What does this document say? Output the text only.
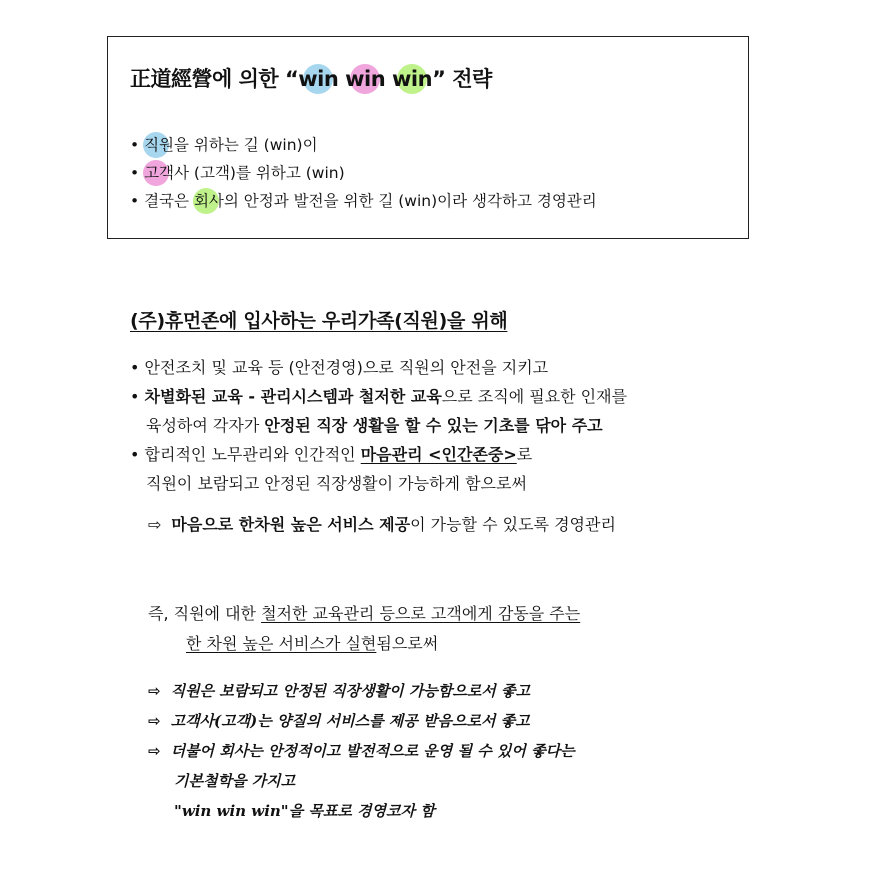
正道經營에 의한 “win win win” 전략
• 직원을 위하는 길 (win)이
• 고객사 (고객)를 위하고 (win)
• 결국은 회사의 안정과 발전을 위한 길 (win)이라 생각하고 경영관리
(주)휴먼존에 입사하는 우리가족(직원)을 위해
• 안전조치 및 교육 등 (안전경영)으로 직원의 안전을 지키고
• 차별화된 교육 - 관리시스템과 철저한 교육으로 조직에 필요한 인재를
육성하여 각자가 안정된 직장 생활을 할 수 있는 기초를 닦아 주고
• 합리적인 노무관리와 인간적인 마음관리 <인간존중>로
직원이 보람되고 안정된 직장생활이 가능하게 함으로써
⇨ 마음으로 한차원 높은 서비스 제공이 가능할 수 있도록 경영관리
즉, 직원에 대한 철저한 교육관리 등으로 고객에게 감동을 주는
한 차원 높은 서비스가 실현됨으로써
⇨ 직원은 보람되고 안정된 직장생활이 가능함으로서 좋고
⇨ 고객사(고객)는 양질의 서비스를 제공 받음으로서 좋고
⇨ 더불어 회사는 안정적이고 발전적으로 운영 될 수 있어 좋다는
기본철학을 가지고
"win win win"을 목표로 경영코자 함
